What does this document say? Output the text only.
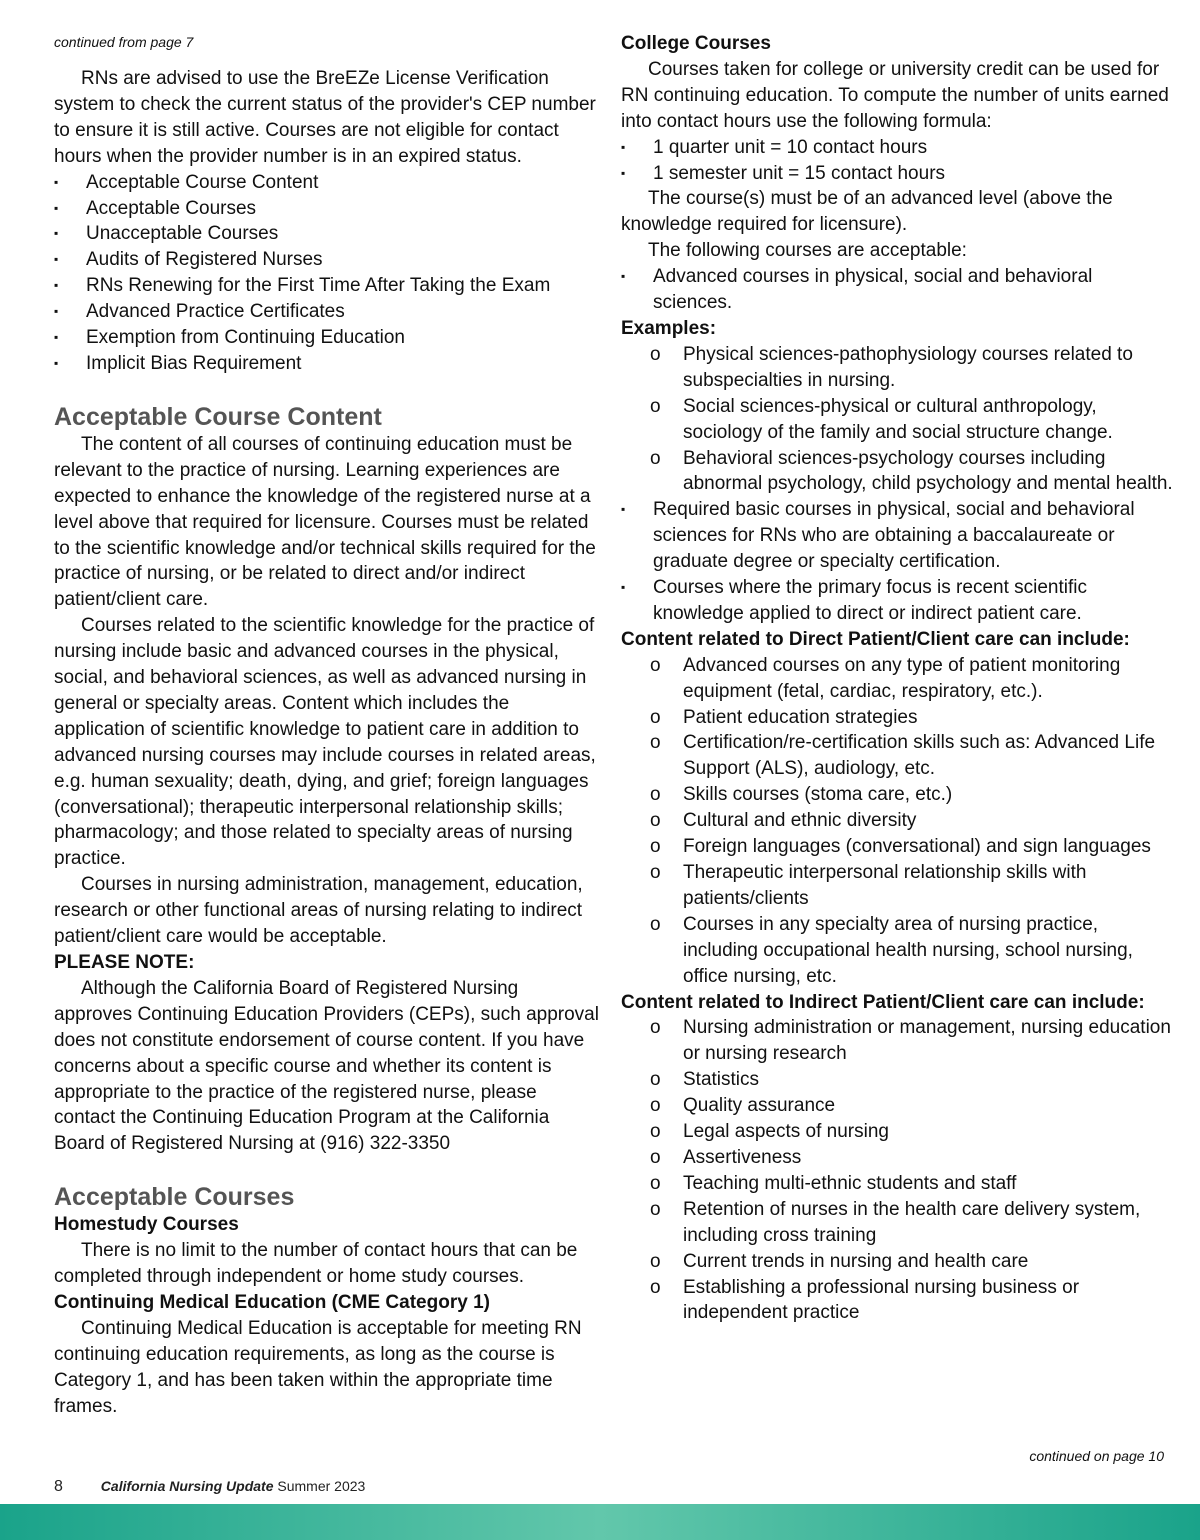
continued from page 7

RNs are advised to use the BreEZe License Verification system to check the current status of the provider's CEP number to ensure it is still active. Courses are not eligible for contact hours when the provider number is in an expired status.

▪ Acceptable Course Content
▪ Acceptable Courses
▪ Unacceptable Courses
▪ Audits of Registered Nurses
▪ RNs Renewing for the First Time After Taking the Exam
▪ Advanced Practice Certificates
▪ Exemption from Continuing Education
▪ Implicit Bias Requirement
Acceptable Course Content

The content of all courses of continuing education must be relevant to the practice of nursing. Learning experiences are expected to enhance the knowledge of the registered nurse at a level above that required for licensure. Courses must be related to the scientific knowledge and/or technical skills required for the practice of nursing, or be related to direct and/or indirect patient/client care.

Courses related to the scientific knowledge for the practice of nursing include basic and advanced courses in the physical, social, and behavioral sciences, as well as advanced nursing in general or specialty areas. Content which includes the application of scientific knowledge to patient care in addition to advanced nursing courses may include courses in related areas, e.g. human sexuality; death, dying, and grief; foreign languages (conversational); therapeutic interpersonal relationship skills; pharmacology; and those related to specialty areas of nursing practice.

Courses in nursing administration, management, education, research or other functional areas of nursing relating to indirect patient/client care would be acceptable.

PLEASE NOTE:

Although the California Board of Registered Nursing approves Continuing Education Providers (CEPs), such approval does not constitute endorsement of course content. If you have concerns about a specific course and whether its content is appropriate to the practice of the registered nurse, please contact the Continuing Education Program at the California Board of Registered Nursing at (916) 322-3350

Acceptable Courses

Homestudy Courses

There is no limit to the number of contact hours that can be completed through independent or home study courses.

Continuing Medical Education (CME Category 1)

Continuing Medical Education is acceptable for meeting RN continuing education requirements, as long as the course is Category 1, and has been taken within the appropriate time frames.

College Courses

Courses taken for college or university credit can be used for RN continuing education. To compute the number of units earned into contact hours use the following formula:

▪ 1 quarter unit = 10 contact hours
▪ 1 semester unit = 15 contact hours

The course(s) must be of an advanced level (above the knowledge required for licensure).

The following courses are acceptable:

▪ Advanced courses in physical, social and behavioral sciences.

Examples:

o Physical sciences-pathophysiology courses related to subspecialties in nursing.
o Social sciences-physical or cultural anthropology, sociology of the family and social structure change.
o Behavioral sciences-psychology courses including abnormal psychology, child psychology and mental health.
▪ Required basic courses in physical, social and behavioral sciences for RNs who are obtaining a baccalaureate or graduate degree or specialty certification.
▪ Courses where the primary focus is recent scientific knowledge applied to direct or indirect patient care.

Content related to Direct Patient/Client care can include:

o Advanced courses on any type of patient monitoring equipment (fetal, cardiac, respiratory, etc.).
o Patient education strategies
o Certification/re-certification skills such as: Advanced Life Support (ALS), audiology, etc.
o Skills courses (stoma care, etc.)
o Cultural and ethnic diversity
o Foreign languages (conversational) and sign languages
o Therapeutic interpersonal relationship skills with patients/clients
o Courses in any specialty area of nursing practice, including occupational health nursing, school nursing, office nursing, etc.

Content related to Indirect Patient/Client care can include:

o Nursing administration or management, nursing education or nursing research
o Statistics
o Quality assurance
o Legal aspects of nursing
o Assertiveness
o Teaching multi-ethnic students and staff
o Retention of nurses in the health care delivery system, including cross training
o Current trends in nursing and health care
o Establishing a professional nursing business or independent practice
continued on page 10
8	California Nursing Update Summer 2023
